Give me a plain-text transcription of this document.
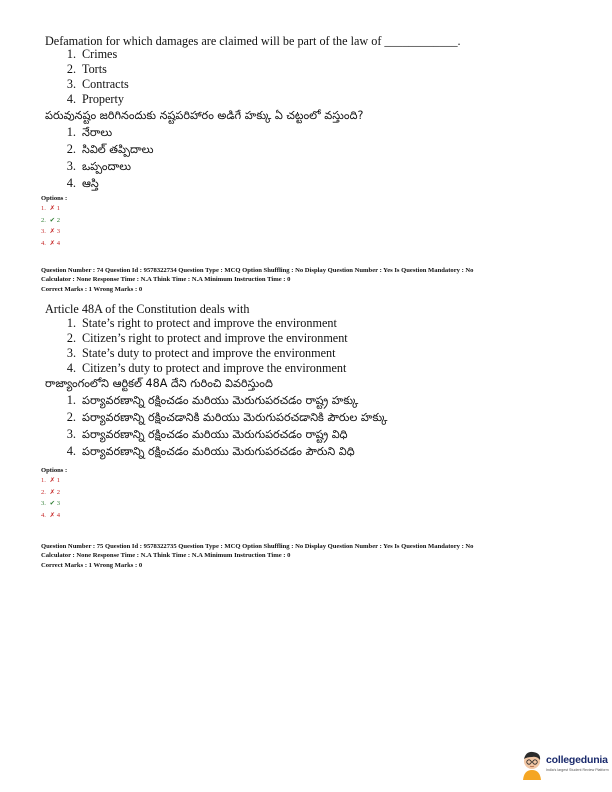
Defamation for which damages are claimed will be part of the law of ____________.
1. Crimes
2. Torts
3. Contracts
4. Property
పరువునష్టం జరిగినందుకు నష్టపరిహారం అడిగే హక్కు ఏ చట్టంలో వస్తుంది?
1. నేరాలు
2. సివిల్ తప్పిదాలు
3. ఒప్పందాలు
4. ఆస్తి
Options :
1. ✗ 1
2. ✔ 2
3. ✗ 3
4. ✗ 4
Question Number : 74 Question Id : 9578322734 Question Type : MCQ Option Shuffling : No Display Question Number : Yes Is Question Mandatory : No
Calculator : None Response Time : N.A Think Time : N.A Minimum Instruction Time : 0
Correct Marks : 1 Wrong Marks : 0
Article 48A of the Constitution deals with
1. State’s right to protect and improve the environment
2. Citizen’s right to protect and improve the environment
3. State’s duty to protect and improve the environment
4. Citizen’s duty to protect and improve the environment
రాజ్యాంగంలోని ఆర్టికల్ 48A దేని గురించి వివరిస్తుంది
1. పర్యావరణాన్ని రక్షించడం మరియు మెరుగుపరచడం రాష్ట్ర హక్కు
2. పర్యావరణాన్ని రక్షించడానికి మరియు మెరుగుపరచడానికి పౌరుల హక్కు
3. పర్యావరణాన్ని రక్షించడం మరియు మెరుగుపరచడం రాష్ట్ర విధి
4. పర్యావరణాన్ని రక్షించడం మరియు మెరుగుపరచడం పౌరుని విధి
Options :
1. ✗ 1
2. ✗ 2
3. ✔ 3
4. ✗ 4
Question Number : 75 Question Id : 9578322735 Question Type : MCQ Option Shuffling : No Display Question Number : Yes Is Question Mandatory : No
Calculator : None Response Time : N.A Think Time : N.A Minimum Instruction Time : 0
Correct Marks : 1 Wrong Marks : 0
collegedunia
India's largest Student Review Platform
